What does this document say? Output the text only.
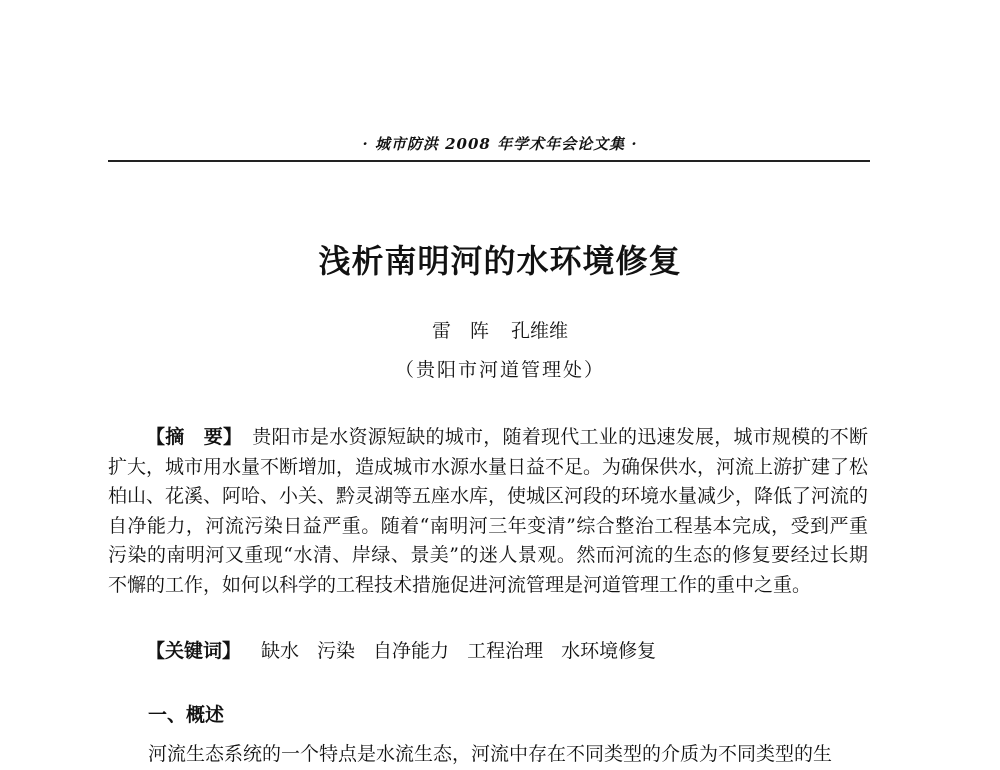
· 城市防洪 2008 年学术年会论文集 ·
浅析南明河的水环境修复
雷　阵 孔维维
（贵阳市河道管理处）

【摘　要】 贵阳市是水资源短缺的城市，随着现代工业的迅速发展，城市规模的不断扩大，城市用水量不断增加，造成城市水源水量日益不足。为确保供水，河流上游扩建了松柏山、花溪、阿哈、小关、黔灵湖等五座水库，使城区河段的环境水量减少，降低了河流的自净能力，河流污染日益严重。随着“南明河三年变清”综合整治工程基本完成，受到严重污染的南明河又重现“水清、岸绿、景美”的迷人景观。然而河流的生态的修复要经过长期不懈的工作，如何以科学的工程技术措施促进河流管理是河道管理工作的重中之重。

【关键词】 缺水 污染 自净能力 工程治理 水环境修复

一、概述

河流生态系统的一个特点是水流生态，河流中存在不同类型的介质为不同类型的生
